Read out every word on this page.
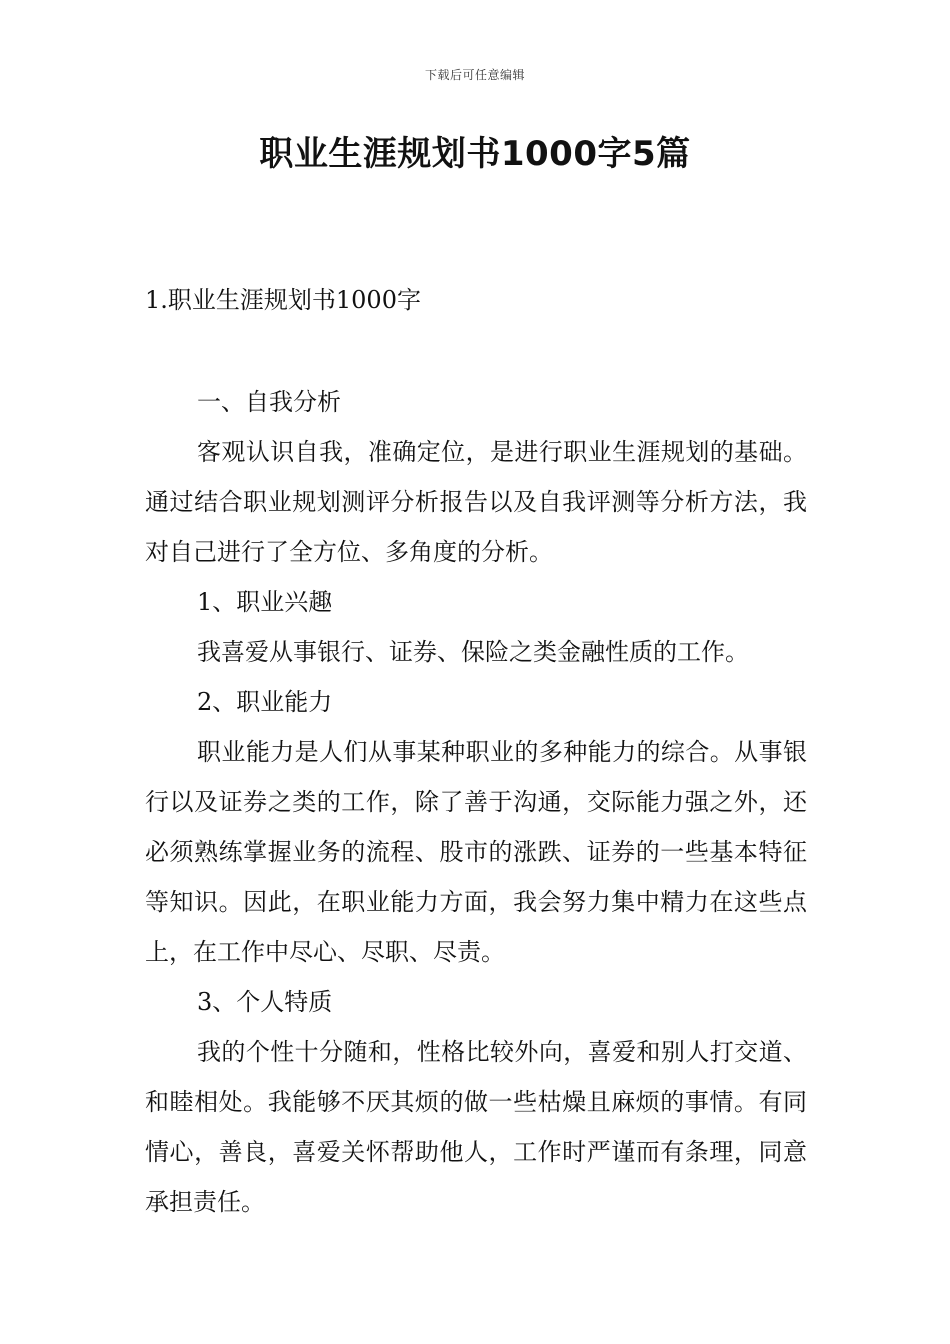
下载后可任意编辑
职业生涯规划书1000字5篇
1.职业生涯规划书1000字

一、自我分析

客观认识自我，准确定位，是进行职业生涯规划的基础。通过结合职业规划测评分析报告以及自我评测等分析方法，我对自己进行了全方位、多角度的分析。

1、职业兴趣

我喜爱从事银行、证券、保险之类金融性质的工作。

2、职业能力

职业能力是人们从事某种职业的多种能力的综合。从事银行以及证券之类的工作，除了善于沟通，交际能力强之外，还必须熟练掌握业务的流程、股市的涨跌、证券的一些基本特征等知识。因此，在职业能力方面，我会努力集中精力在这些点上，在工作中尽心、尽职、尽责。

3、个人特质

我的个性十分随和，性格比较外向，喜爱和别人打交道、和睦相处。我能够不厌其烦的做一些枯燥且麻烦的事情。有同情心，善良，喜爱关怀帮助他人，工作时严谨而有条理，同意承担责任。
